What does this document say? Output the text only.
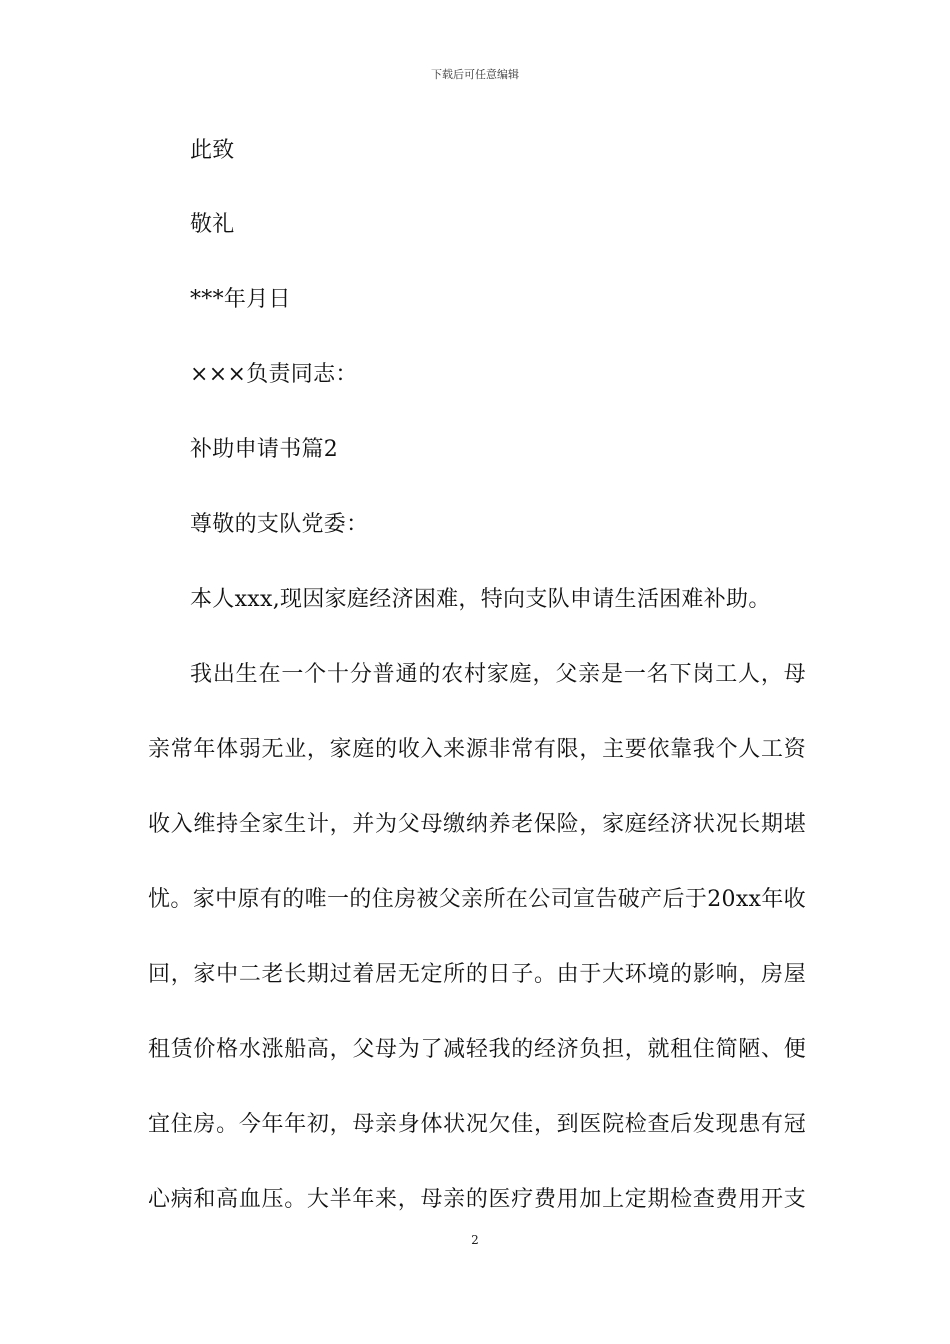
下载后可任意编辑
此致
敬礼
***年月日
×××负责同志：
补助申请书篇2
尊敬的支队党委：
本人xxx,现因家庭经济困难，特向支队申请生活困难补助。
我出生在一个十分普通的农村家庭，父亲是一名下岗工人，母
亲常年体弱无业，家庭的收入来源非常有限，主要依靠我个人工资
收入维持全家生计，并为父母缴纳养老保险，家庭经济状况长期堪
忧。家中原有的唯一的住房被父亲所在公司宣告破产后于20xx年收
回，家中二老长期过着居无定所的日子。由于大环境的影响，房屋
租赁价格水涨船高，父母为了减轻我的经济负担，就租住简陋、便
宜住房。今年年初，母亲身体状况欠佳，到医院检查后发现患有冠
心病和高血压。大半年来，母亲的医疗费用加上定期检查费用开支
2
